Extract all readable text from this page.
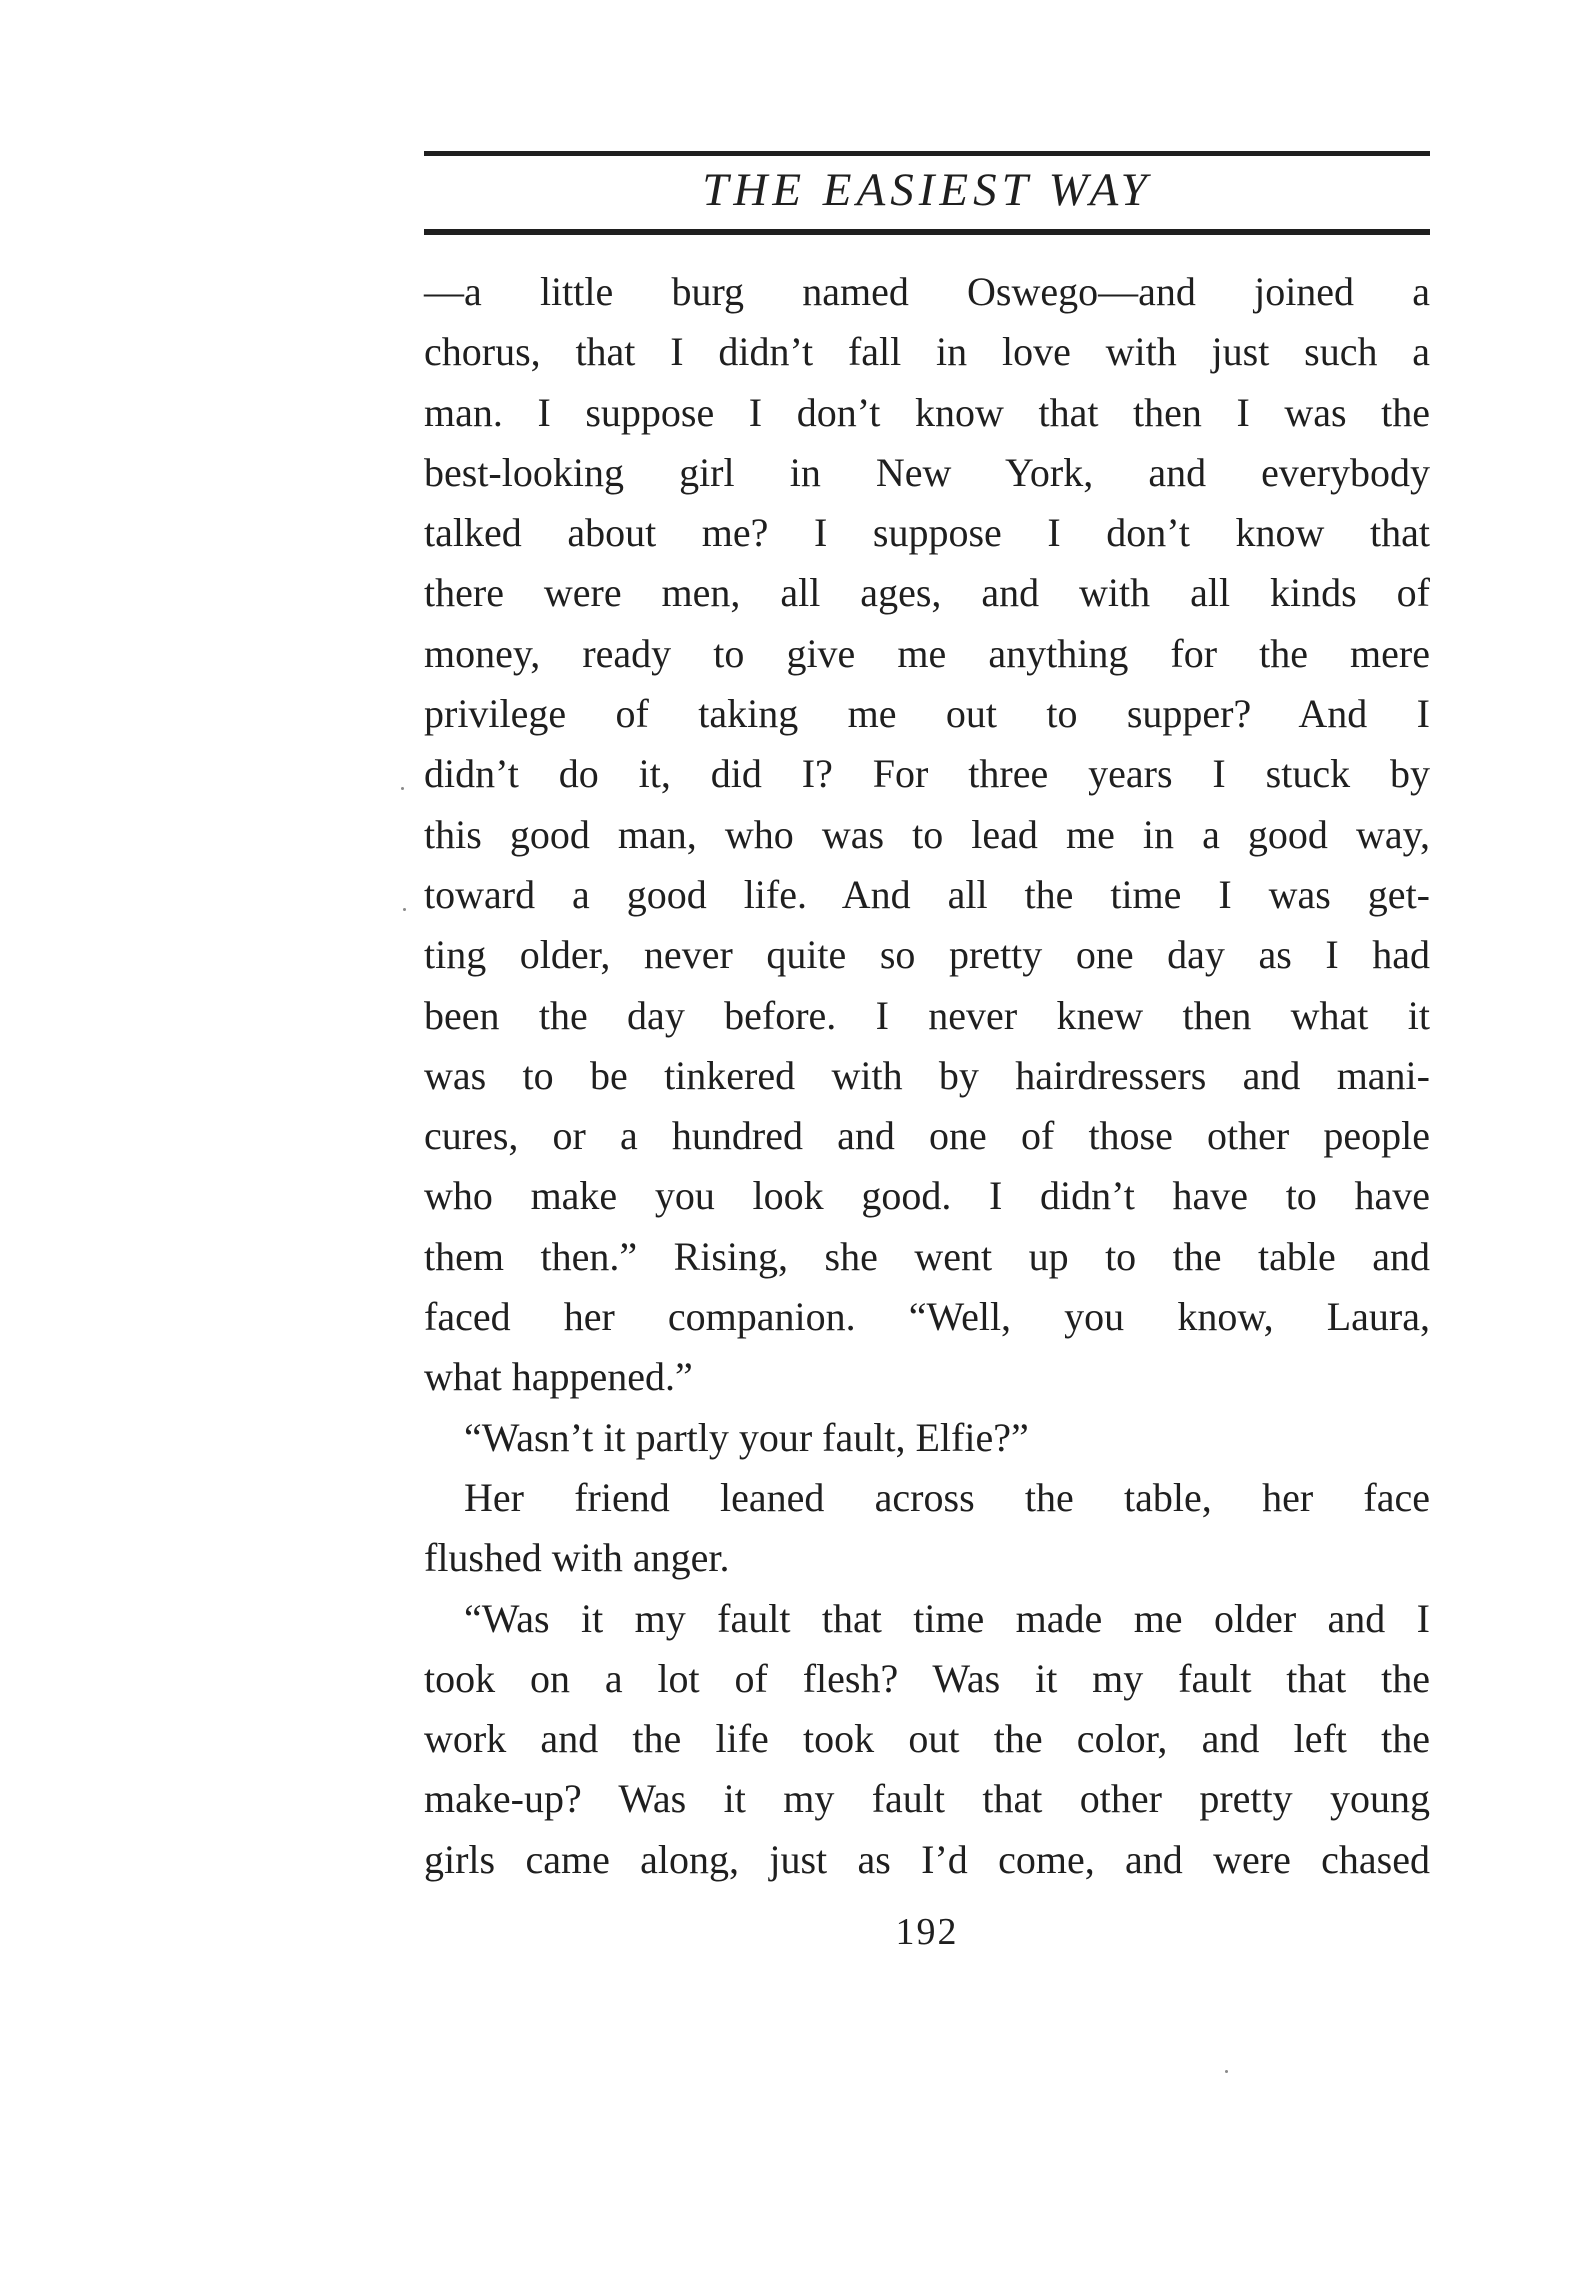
THE EASIEST WAY
—a little burg named Oswego—and joined a
chorus, that I didn’t fall in love with just such a
man. I suppose I don’t know that then I was the
best-looking girl in New York, and everybody
talked about me? I suppose I don’t know that
there were men, all ages, and with all kinds of
money, ready to give me anything for the mere
privilege of taking me out to supper? And I
didn’t do it, did I? For three years I stuck by
this good man, who was to lead me in a good way,
toward a good life. And all the time I was get-
ting older, never quite so pretty one day as I had
been the day before. I never knew then what it
was to be tinkered with by hairdressers and mani-
cures, or a hundred and one of those other people
who make you look good. I didn’t have to have
them then.” Rising, she went up to the table and
faced her companion. “Well, you know, Laura,
what happened.”
“Wasn’t it partly your fault, Elfie?”
Her friend leaned across the table, her face
flushed with anger.
“Was it my fault that time made me older and I
took on a lot of flesh? Was it my fault that the
work and the life took out the color, and left the
make-up? Was it my fault that other pretty young
girls came along, just as I’d come, and were chased
192
